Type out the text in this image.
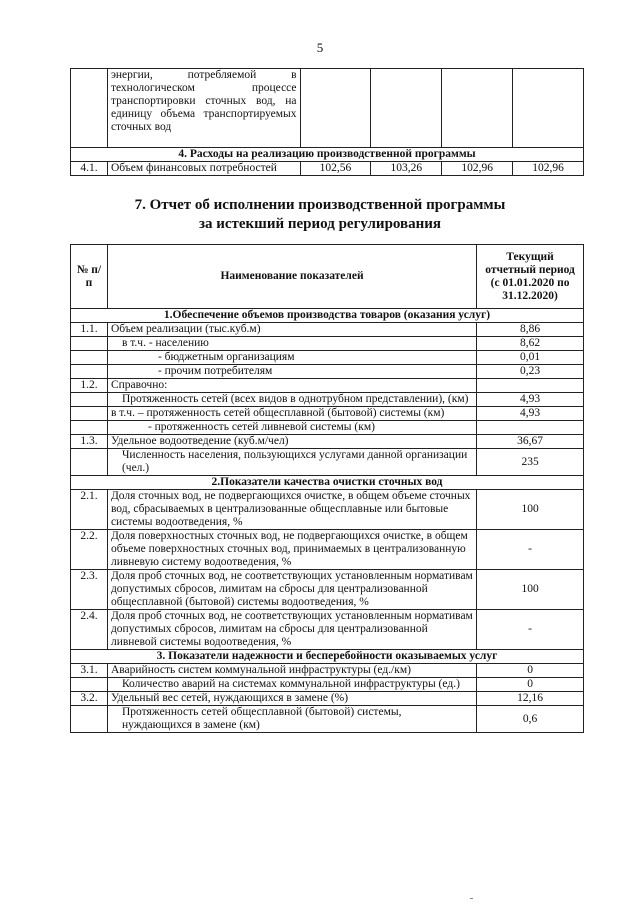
5
	энергии, потребляемой в технологическом процессе транспортировки сточных вод, на единицу объема транспортируемых сточных вод				
4. Расходы на реализацию производственной программы					
4.1.	Объем финансовых потребностей	102,56	103,26	102,96	102,96
7. Отчет об исполнении производственной программы
за истекший период регулирования
№ п/п	Наименование показателей	Текущий отчетный период (с 01.01.2020 по 31.12.2020)
1.Обеспечение объемов производства товаров (оказания услуг)		
1.1.	Объем реализации (тыс.куб.м)	8,86
	в т.ч. - населению	8,62
	- бюджетным организациям	0,01
	- прочим потребителям	0,23
1.2.	Справочно:	
	Протяженность сетей (всех видов в однотрубном представлении), (км)	4,93
	в т.ч. – протяженность сетей общесплавной (бытовой) системы (км)	4,93
	- протяженность сетей ливневой системы (км)	
1.3.	Удельное водоотведение (куб.м/чел)	36,67
	Численность населения, пользующихся услугами данной организации (чел.)	235
2.Показатели качества очистки сточных вод		
2.1.	Доля сточных вод, не подвергающихся очистке, в общем объеме сточных вод, сбрасываемых в централизованные общесплавные или бытовые системы водоотведения, %	100
2.2.	Доля поверхностных сточных вод, не подвергающихся очистке, в общем объеме поверхностных сточных вод, принимаемых в централизованную ливневую систему водоотведения, %	-
2.3.	Доля проб сточных вод, не соответствующих установленным нормативам допустимых сбросов, лимитам на сбросы для централизованной общесплавной (бытовой) системы водоотведения, %	100
2.4.	Доля проб сточных вод, не соответствующих установленным нормативам допустимых сбросов, лимитам на сбросы для централизованной ливневой системы водоотведения, %	-
3. Показатели надежности и бесперебойности оказываемых услуг		
3.1.	Аварийность систем коммунальной инфраструктуры (ед./км)	0
	Количество аварий на системах коммунальной инфраструктуры (ед.)	0
3.2.	Удельный вес сетей, нуждающихся в замене (%)	12,16
	Протяженность сетей общесплавной (бытовой) системы, нуждающихся в замене (км)	0,6
